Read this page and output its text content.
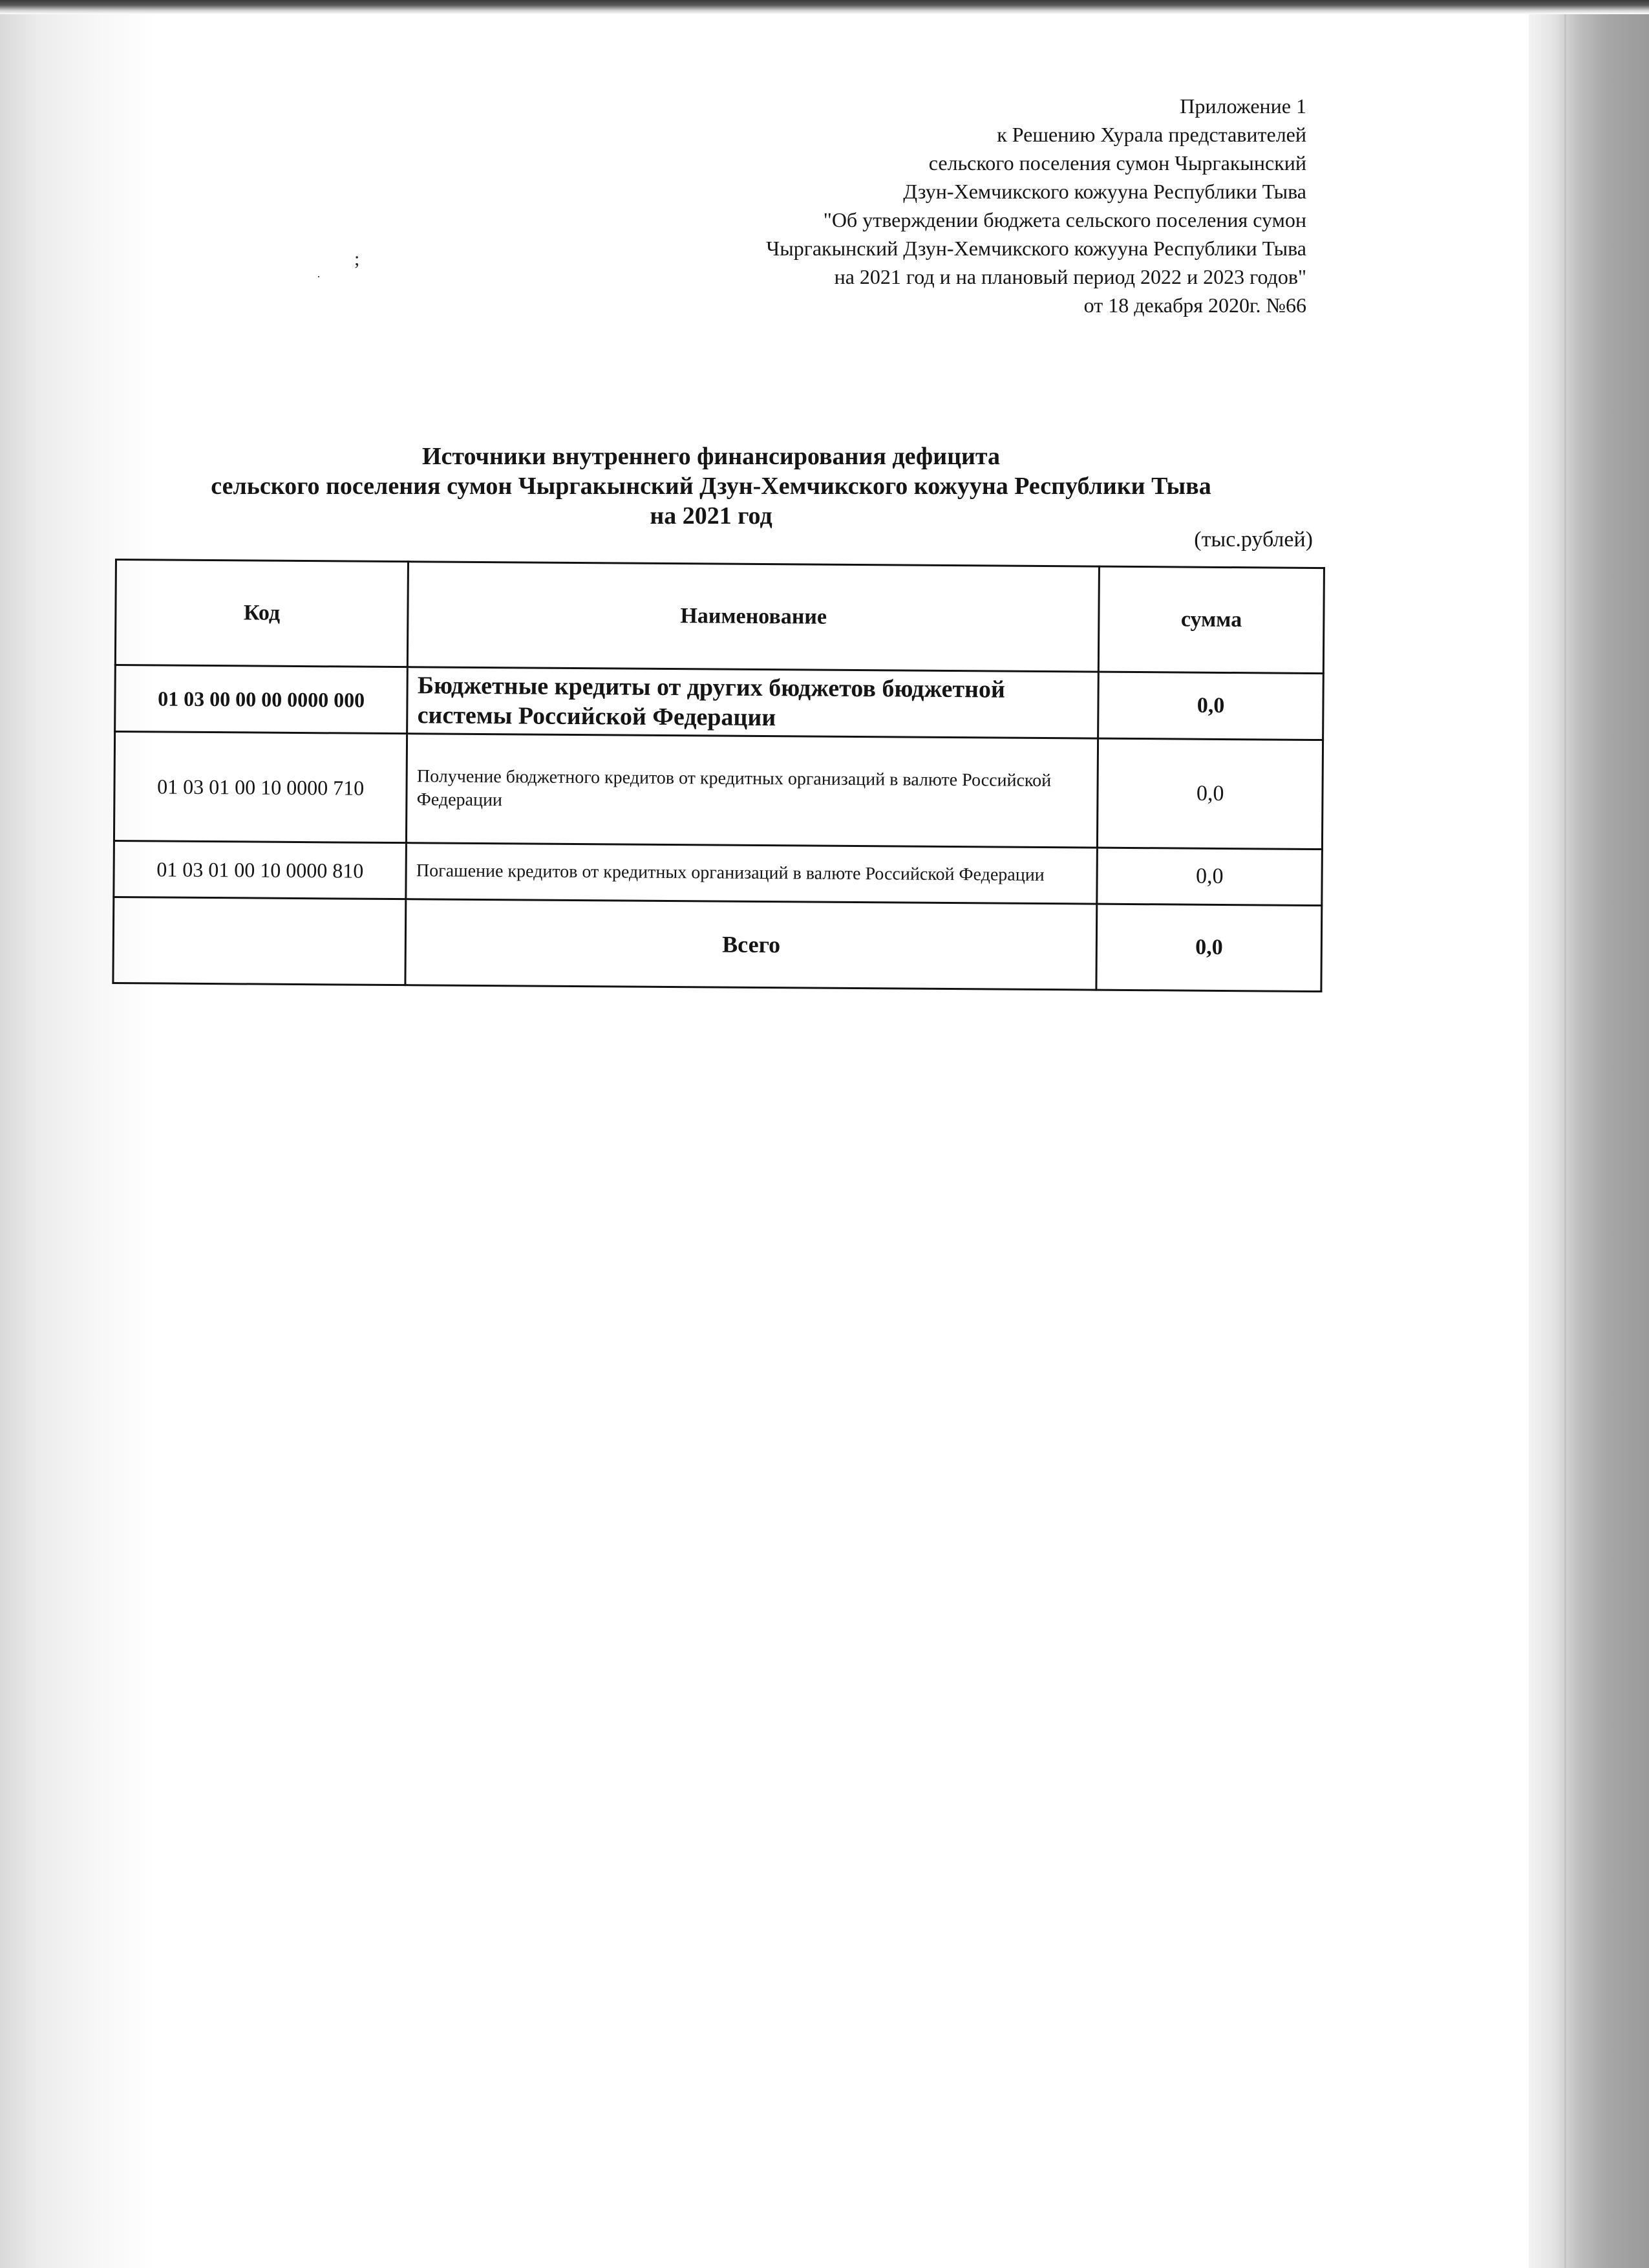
Приложение 1
к Решению Хурала представителей
сельского поселения сумон Чыргакынский
Дзун-Хемчикского кожууна Республики Тыва
"Об утверждении бюджета сельского поселения сумон
Чыргакынский Дзун-Хемчикского кожууна Республики Тыва
на 2021 год и на плановый период 2022 и 2023 годов"
от 18 декабря 2020г. №66
;
·
Источники внутреннего финансирования дефицита
сельского поселения сумон Чыргакынский Дзун-Хемчикского кожууна Республики Тыва
на 2021 год
(тыс.рублей)
Код	Наименование	сумма
01 03 00 00 00 0000 000	Бюджетные кредиты от других бюджетов бюджетной системы Российской Федерации	0,0
01 03 01 00 10 0000 710	Получение бюджетного кредитов от кредитных организаций в валюте Российской Федерации	0,0
01 03 01 00 10 0000 810	Погашение кредитов от кредитных организаций в валюте Российской Федерации	0,0
	Всего	0,0
